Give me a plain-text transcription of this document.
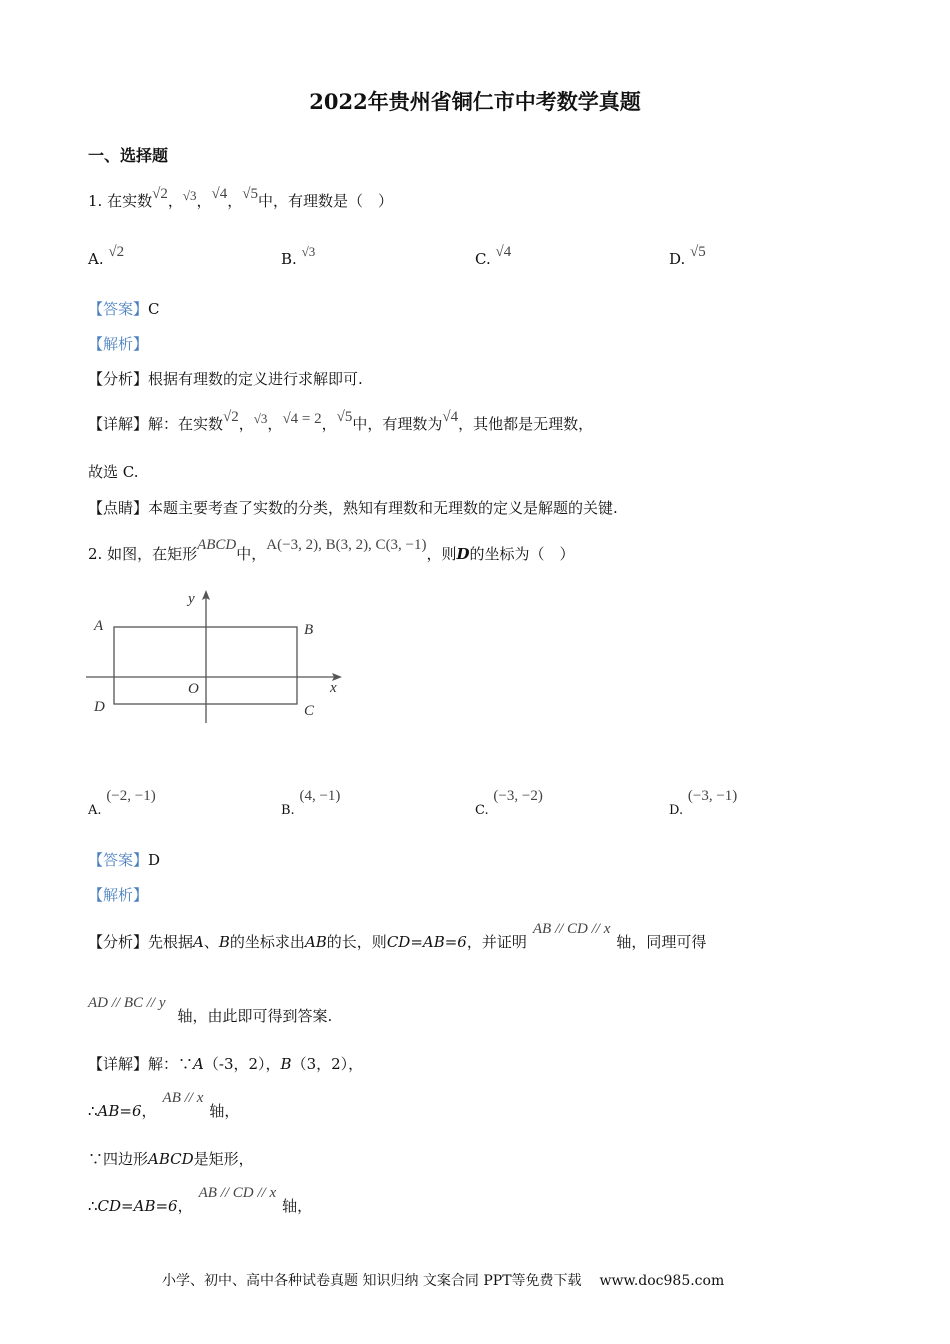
2022年贵州省铜仁市中考数学真题
一、选择题
1. 在实数√2，√3，√4，√5中，有理数是（　）
A. √2	B. √3	C. √4	D. √5
【答案】C
【解析】
【分析】根据有理数的定义进行求解即可.
【详解】解：在实数√2，√3，√4 = 2，√5中，有理数为√4，其他都是无理数，
故选 C.
【点睛】本题主要考查了实数的分类，熟知有理数和无理数的定义是解题的关键.
2. 如图，在矩形ABCD中，A(−3, 2), B(3, 2), C(3, −1)，则D的坐标为（　）
A	B
C
D
O	x
y
A. (−2, −1)
B. (4, −1)
C. (−3, −2)
D. (−3, −1)
【答案】D
【解析】
【分析】先根据A、B的坐标求出AB的长，则CD=AB=6，并证明AB // CD // x轴，同理可得
AD // BC // y轴，由此即可得到答案.
【详解】解：∵A（-3，2），B（3，2），
∴AB=6，AB // x轴，
∵四边形ABCD是矩形，
∴CD=AB=6，AB // CD // x轴，
小学、初中、高中各种试卷真题 知识归纳 文案合同 PPT等免费下载 www.doc985.com
